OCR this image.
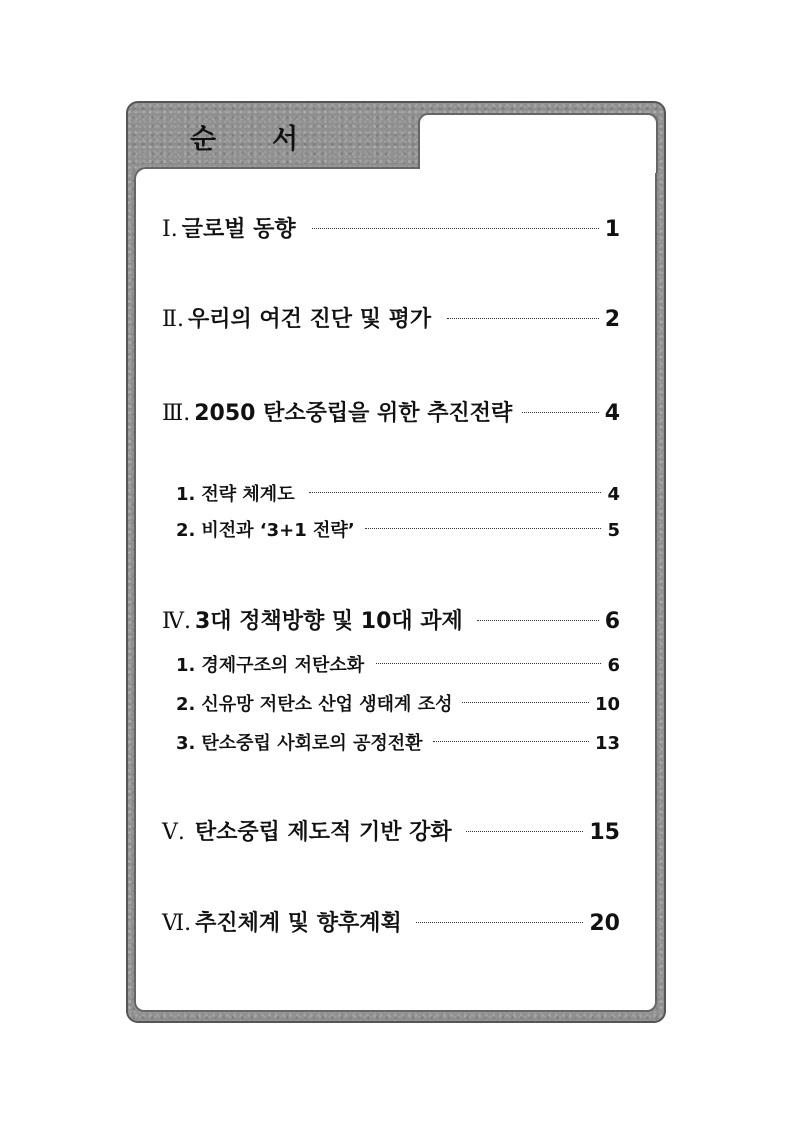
순 서
Ⅰ. 글로벌 동향	1
Ⅱ. 우리의 여건 진단 및 평가	2
Ⅲ. 2050 탄소중립을 위한 추진전략	4
1. 전략 체계도	4
2. 비전과 ‘3+1 전략’	5
Ⅳ. 3대 정책방향 및 10대 과제	6
1. 경제구조의 저탄소화	6
2. 신유망 저탄소 산업 생태계 조성	10
3. 탄소중립 사회로의 공정전환	13
Ⅴ. 탄소중립 제도적 기반 강화	15
Ⅵ. 추진체계 및 향후계획	20
